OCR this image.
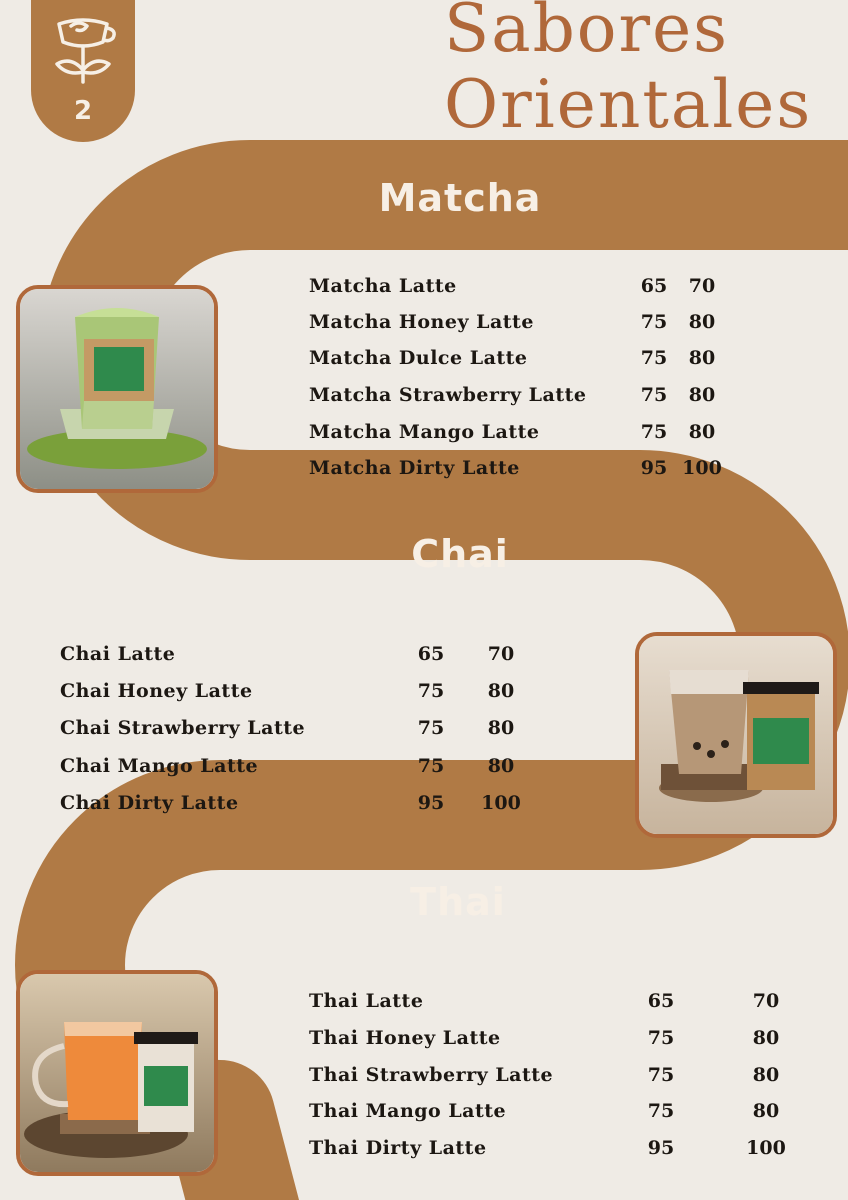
2
Sabores
Orientales
Matcha
Chai
Thai
Matcha Latte	65	70
Matcha Honey Latte	75	80
Matcha Dulce Latte	75	80
Matcha Strawberry Latte	75	80
Matcha Mango Latte	75	80
Matcha Dirty Latte	95 100
Chai Latte	65	70
Chai Honey Latte	75	80
Chai Strawberry Latte	75	80
Chai Mango Latte	75	80
Chai Dirty Latte	95	100
Thai Latte	65	70
Thai Honey Latte	75	80
Thai Strawberry Latte	75	80
Thai Mango Latte	75	80
Thai Dirty Latte	95	100
